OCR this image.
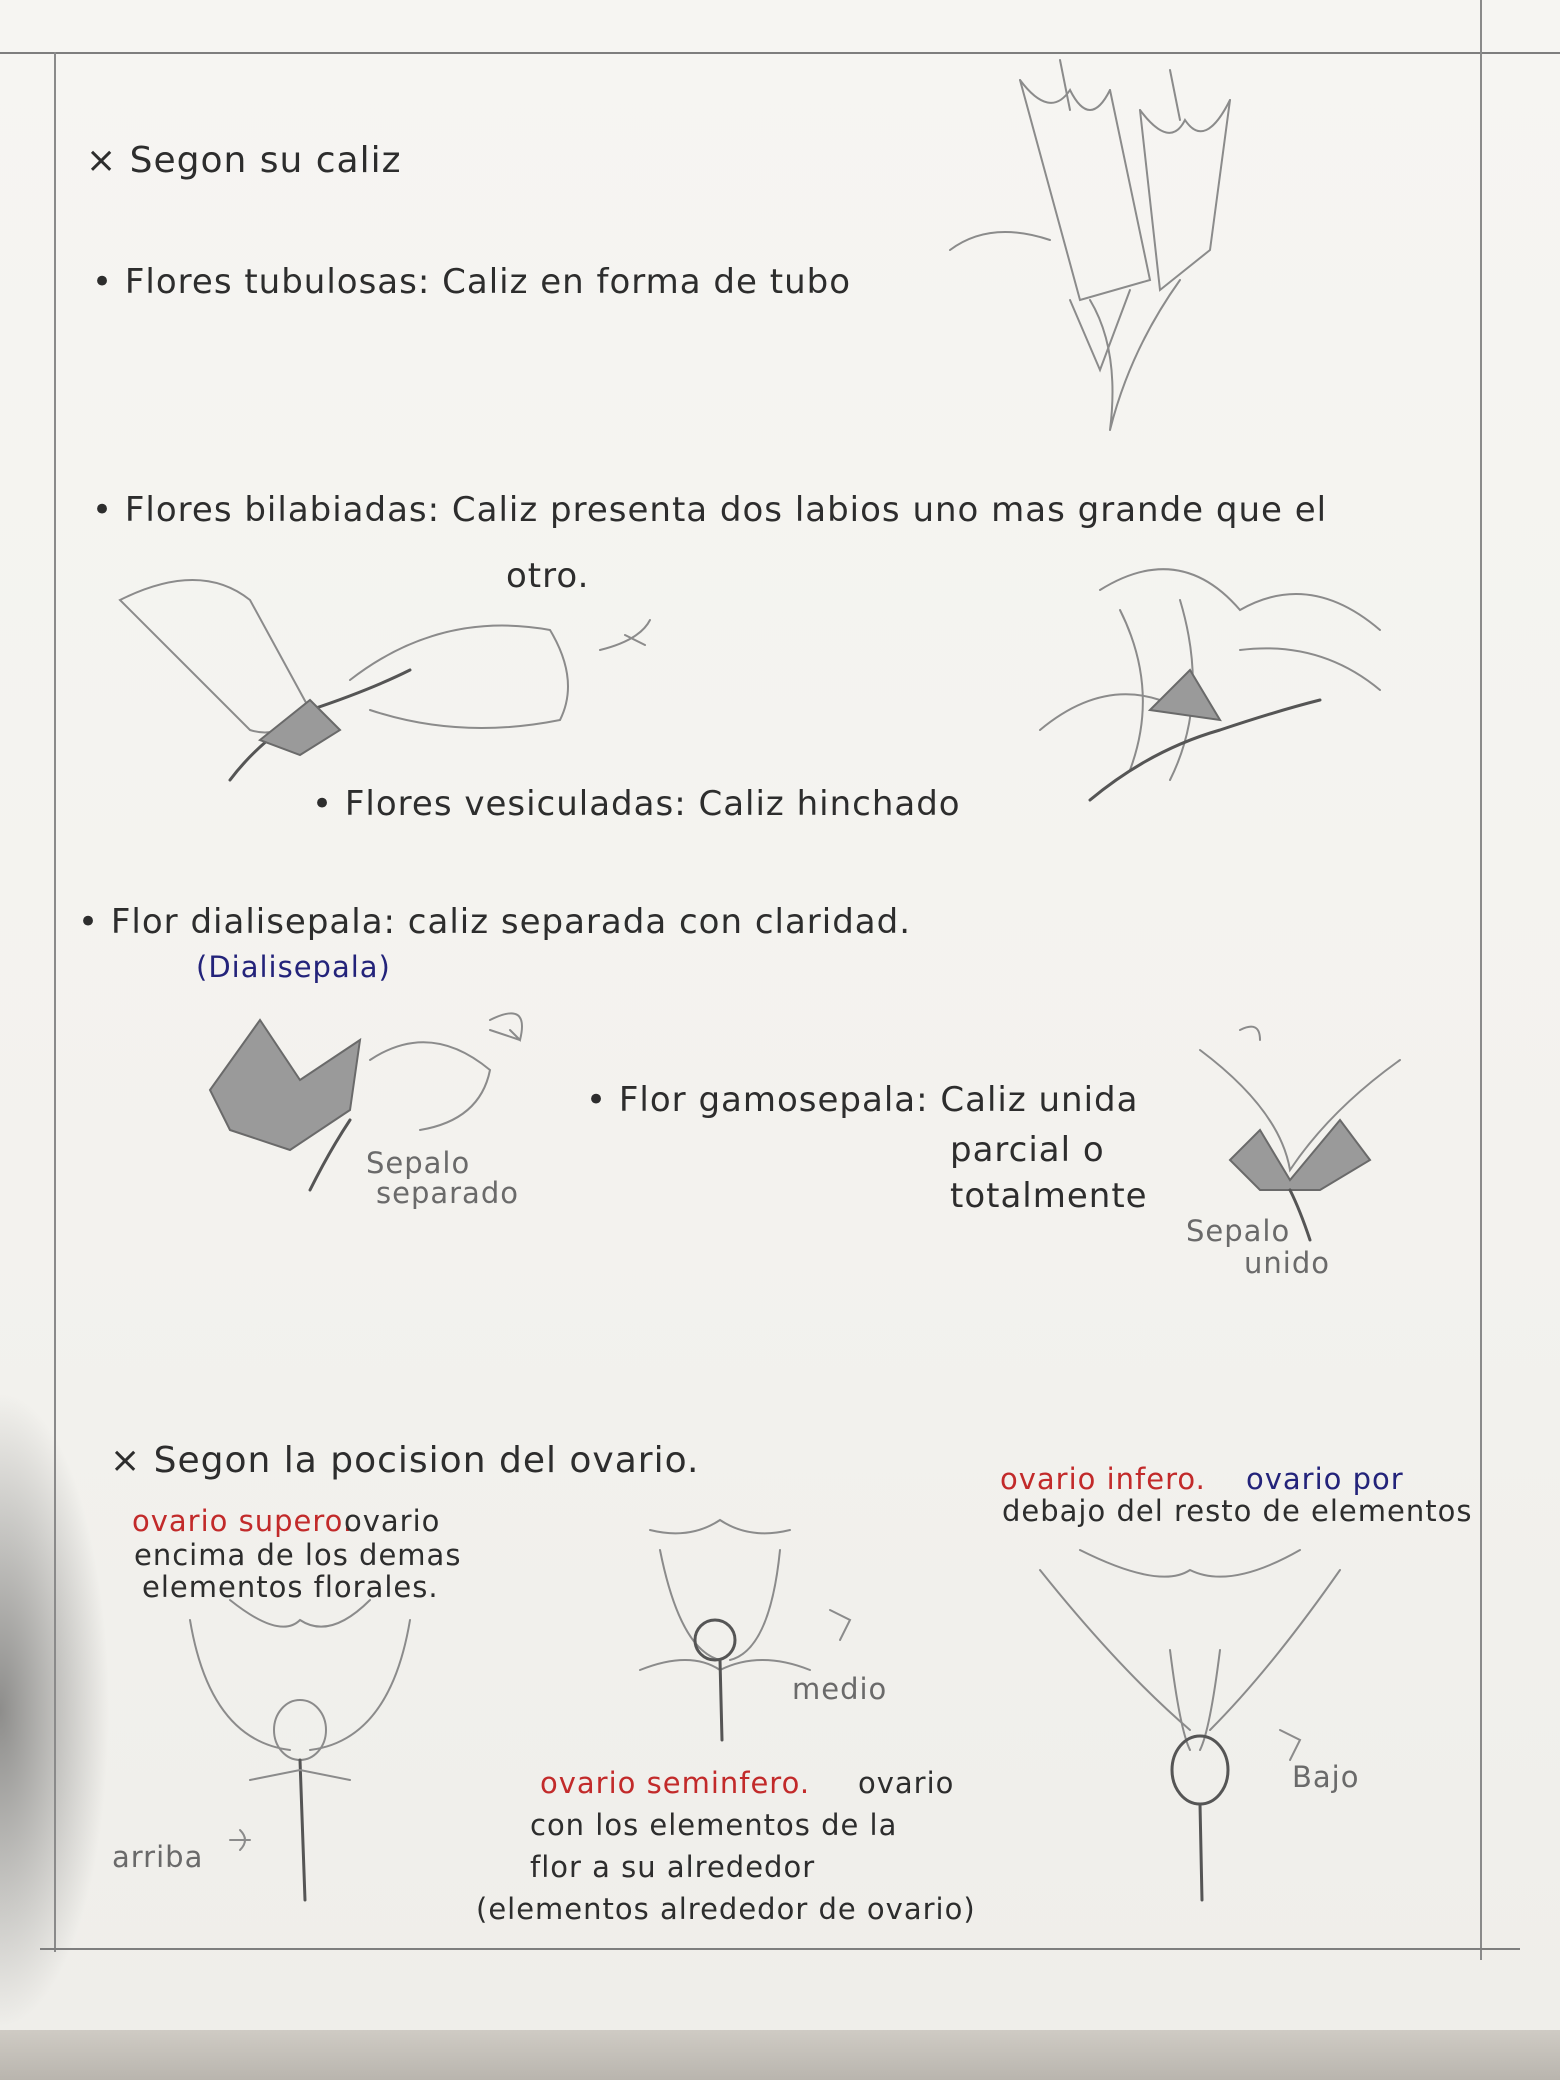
× Segon su caliz
• Flores tubulosas: Caliz en forma de tubo
• Flores bilabiadas: Caliz presenta dos labios uno mas grande que el
otro.
• Flores vesiculadas: Caliz hinchado
• Flor dialisepala: caliz separada con claridad.
(Dialisepala)
Sepalo
separado
• Flor gamosepala: Caliz unida
parcial o
totalmente
Sepalo
unido
× Segon la pocision del ovario.
ovario supero.
ovario
encima de los demas
elementos florales.
arriba
medio
ovario seminfero. ovario
con los elementos de la
flor a su alrededor
(elementos alrededor de ovario)
ovario infero. ovario por
debajo del resto de elementos
Bajo
